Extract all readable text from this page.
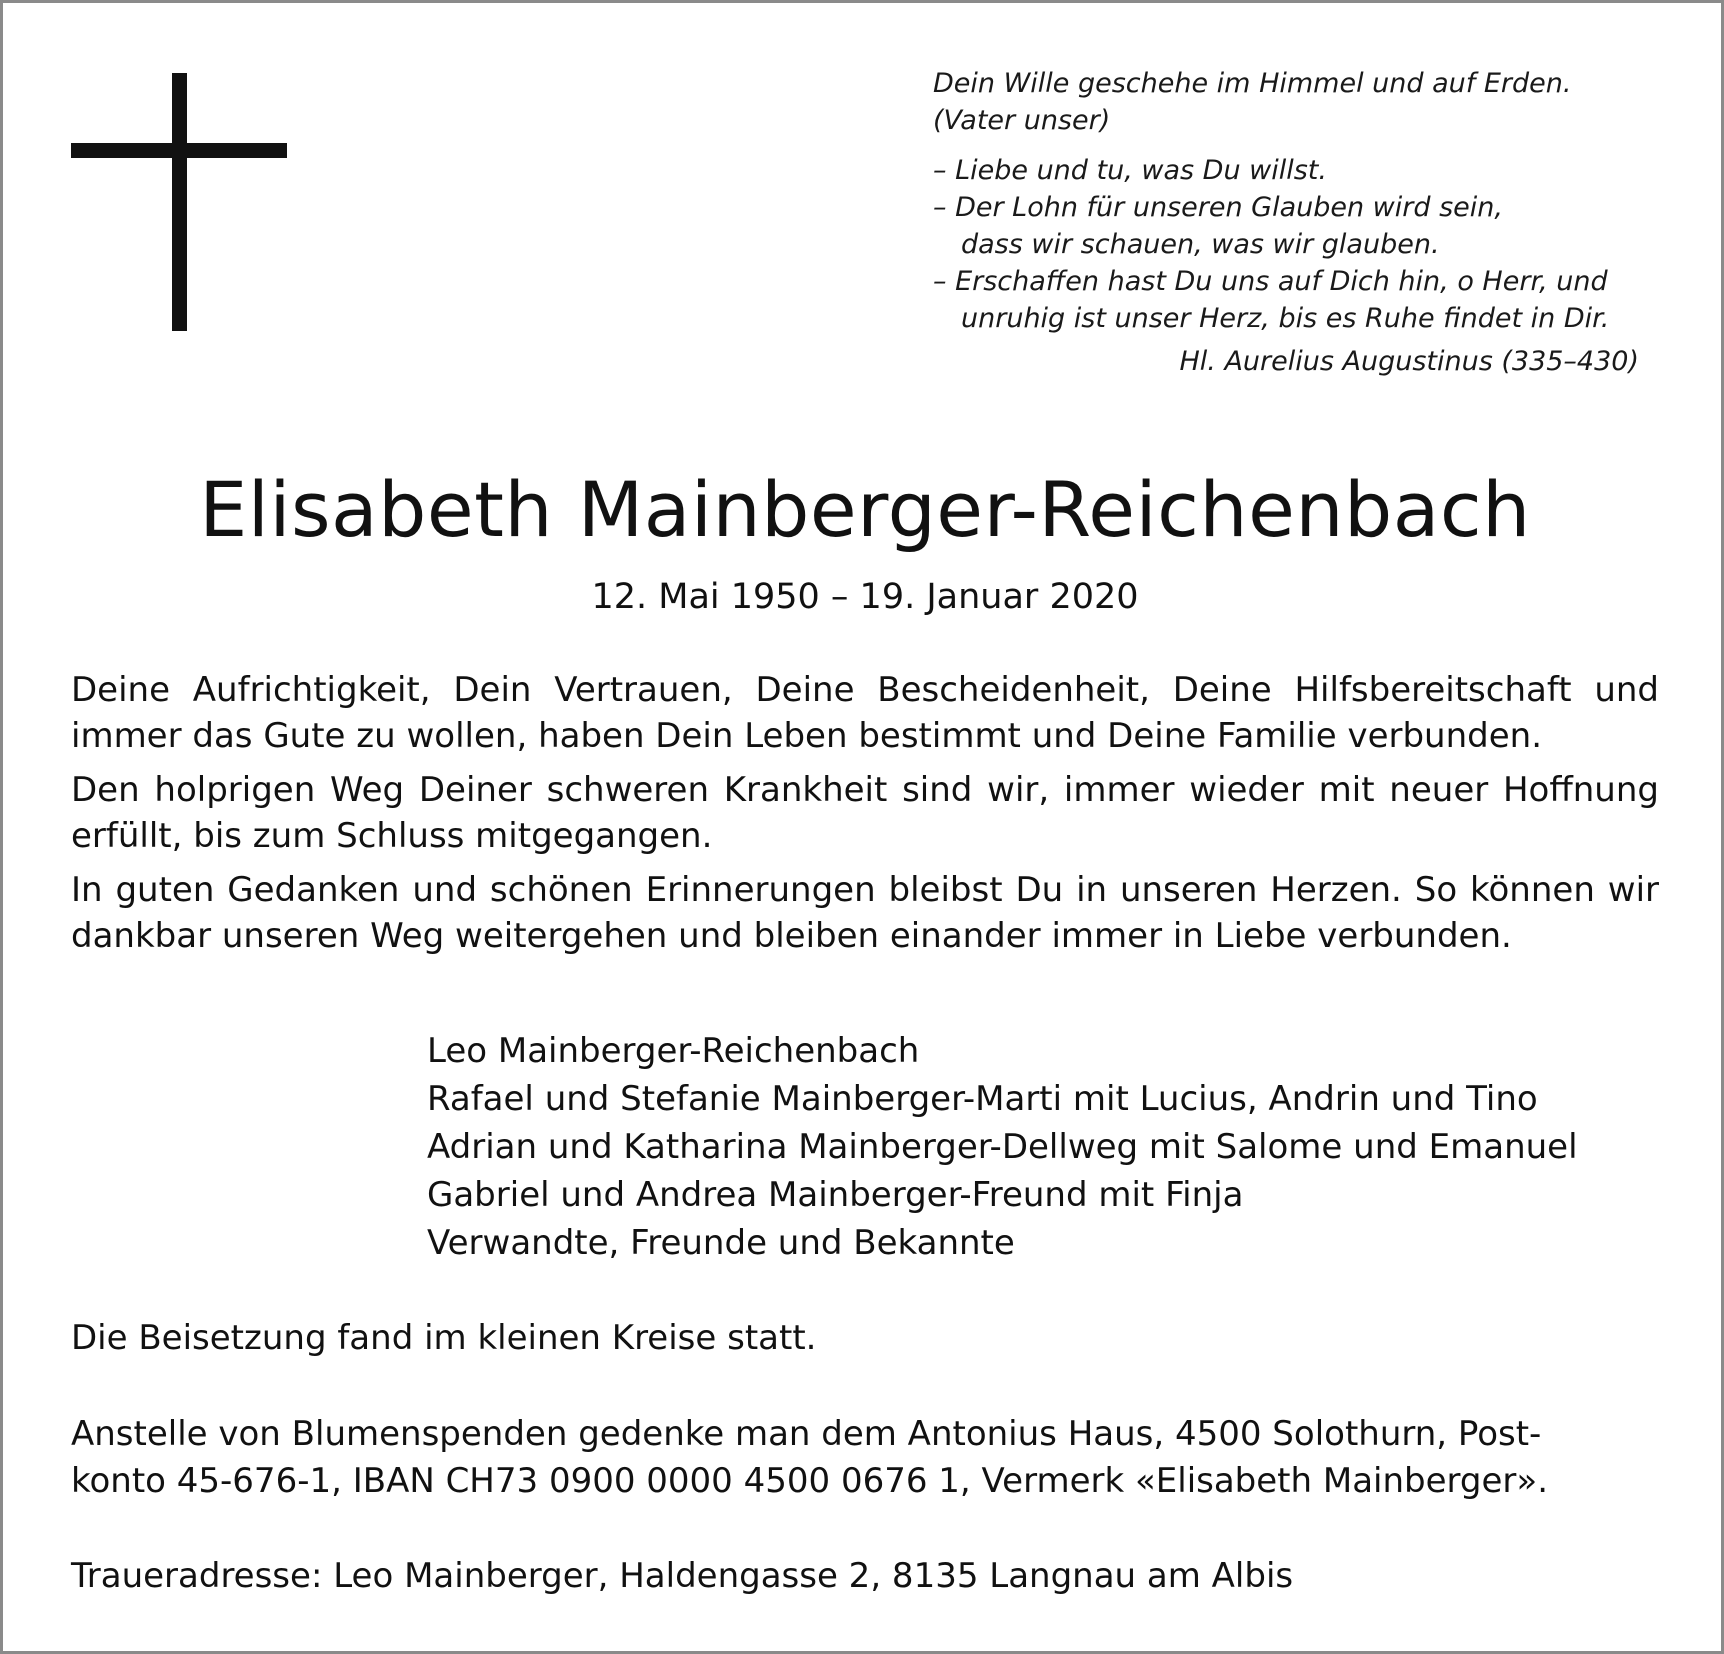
Dein Wille geschehe im Himmel und auf Erden.
(Vater unser)
– Liebe und tu, was Du willst.
– Der Lohn für unseren Glauben wird sein,
dass wir schauen, was wir glauben.
– Erschaffen hast Du uns auf Dich hin, o Herr, und
unruhig ist unser Herz, bis es Ruhe findet in Dir.
Hl. Aurelius Augustinus (335–430)
Elisabeth Mainberger-Reichenbach
12. Mai 1950 – 19. Januar 2020

Deine Aufrichtigkeit, Dein Vertrauen, Deine Bescheidenheit, Deine Hilfsbereitschaft und immer das Gute zu wollen, haben Dein Leben bestimmt und Deine Familie verbunden.

Den holprigen Weg Deiner schweren Krankheit sind wir, immer wieder mit neuer Hoffnung erfüllt, bis zum Schluss mitgegangen.

In guten Gedanken und schönen Erinnerungen bleibst Du in unseren Herzen. So können wir dankbar unseren Weg weitergehen und bleiben einander immer in Liebe verbunden.

Leo Mainberger-Reichenbach
Rafael und Stefanie Mainberger-Marti mit Lucius, Andrin und Tino
Adrian und Katharina Mainberger-Dellweg mit Salome und Emanuel
Gabriel und Andrea Mainberger-Freund mit Finja
Verwandte, Freunde und Bekannte
Die Beisetzung fand im kleinen Kreise statt.
Anstelle von Blumenspenden gedenke man dem Antonius Haus, 4500 Solothurn, Post-
konto 45-676-1, IBAN CH73 0900 0000 4500 0676 1, Vermerk «Elisabeth Mainberger».
Traueradresse: Leo Mainberger, Haldengasse 2, 8135 Langnau am Albis
